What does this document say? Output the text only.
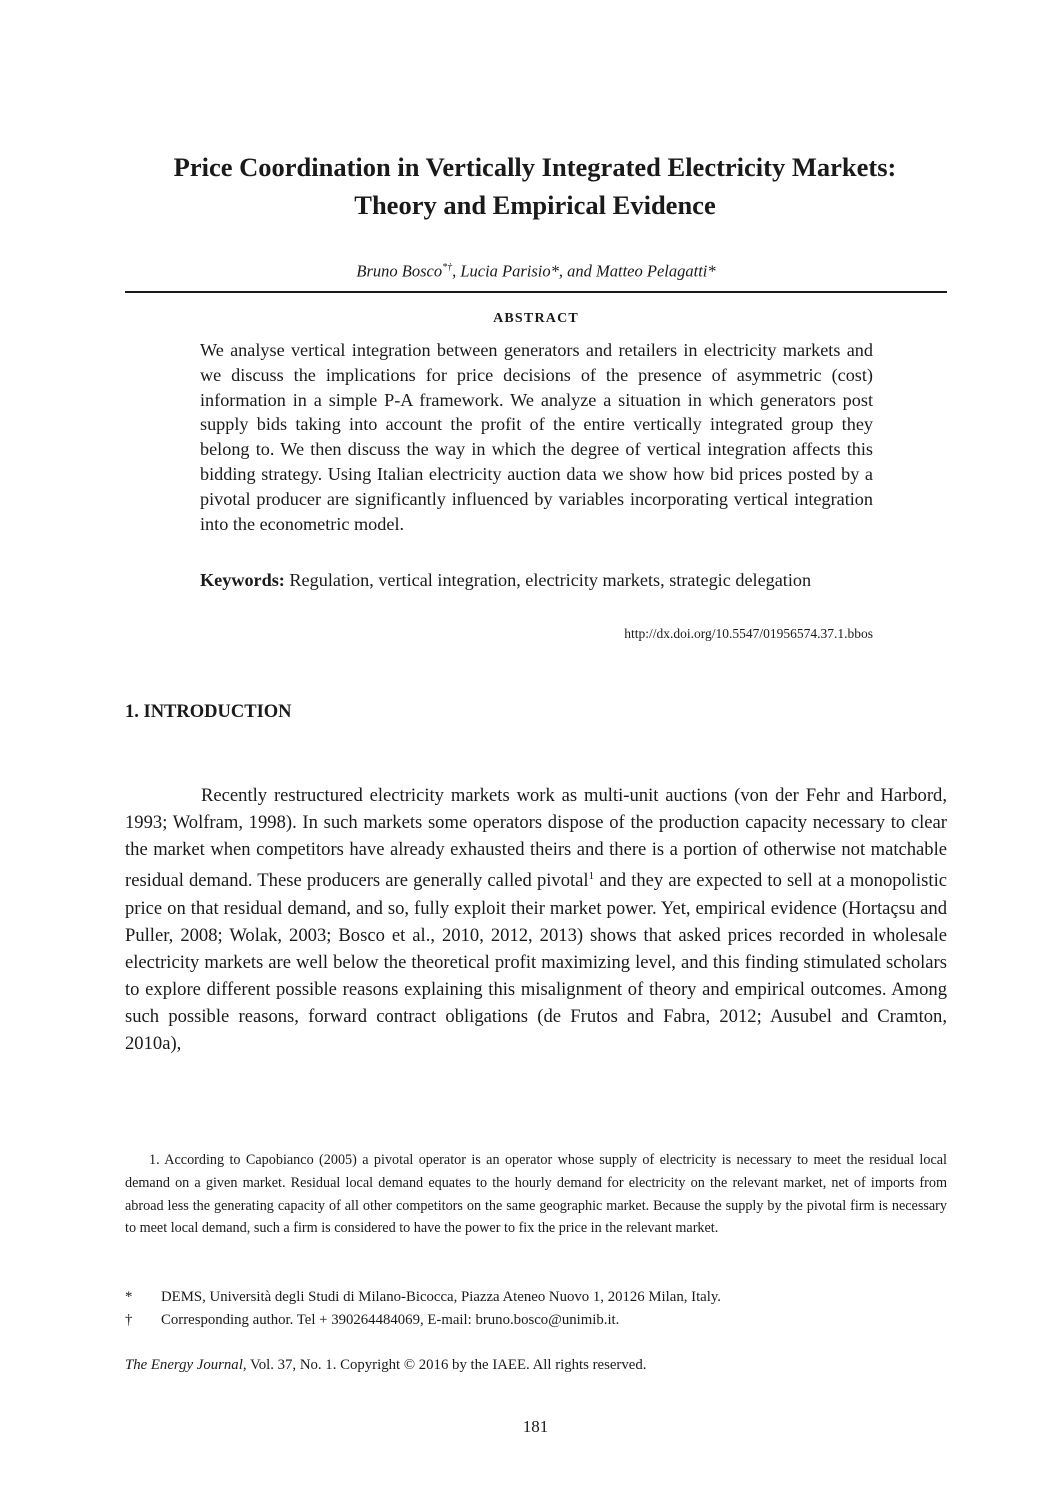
Price Coordination in Vertically Integrated Electricity Markets:
Theory and Empirical Evidence
Bruno Bosco*†, Lucia Parisio*, and Matteo Pelagatti*
ABSTRACT

We analyse vertical integration between generators and retailers in electricity markets and we discuss the implications for price decisions of the presence of asymmetric (cost) information in a simple P-A framework. We analyze a situation in which generators post supply bids taking into account the profit of the entire vertically integrated group they belong to. We then discuss the way in which the degree of vertical integration affects this bidding strategy. Using Italian electricity auction data we show how bid prices posted by a pivotal producer are significantly influenced by variables incorporating vertical integration into the econometric model.

Keywords: Regulation, vertical integration, electricity markets, strategic delegation

http://dx.doi.org/10.5547/01956574.37.1.bbos
1. INTRODUCTION

Recently restructured electricity markets work as multi-unit auctions (von der Fehr and Harbord, 1993; Wolfram, 1998). In such markets some operators dispose of the production capacity necessary to clear the market when competitors have already exhausted theirs and there is a portion of otherwise not matchable residual demand. These producers are generally called pivotal$^1$ and they are expected to sell at a monopolistic price on that residual demand, and so, fully exploit their market power. Yet, empirical evidence (Hortaçsu and Puller, 2008; Wolak, 2003; Bosco et al., 2010, 2012, 2013) shows that asked prices recorded in wholesale electricity markets are well below the theoretical profit maximizing level, and this finding stimulated scholars to explore different possible reasons explaining this misalignment of theory and empirical outcomes. Among such possible reasons, forward contract obligations (de Frutos and Fabra, 2012; Ausubel and Cramton, 2010a),

1. According to Capobianco (2005) a pivotal operator is an operator whose supply of electricity is necessary to meet the residual local demand on a given market. Residual local demand equates to the hourly demand for electricity on the relevant market, net of imports from abroad less the generating capacity of all other competitors on the same geographic market. Because the supply by the pivotal firm is necessary to meet local demand, such a firm is considered to have the power to fix the price in the relevant market.

* DEMS, Università degli Studi di Milano-Bicocca, Piazza Ateneo Nuovo 1, 20126 Milan, Italy.
† Corresponding author. Tel + 390264484069, E-mail: bruno.bosco@unimib.it.
The Energy Journal, Vol. 37, No. 1. Copyright © 2016 by the IAEE. All rights reserved.
181
